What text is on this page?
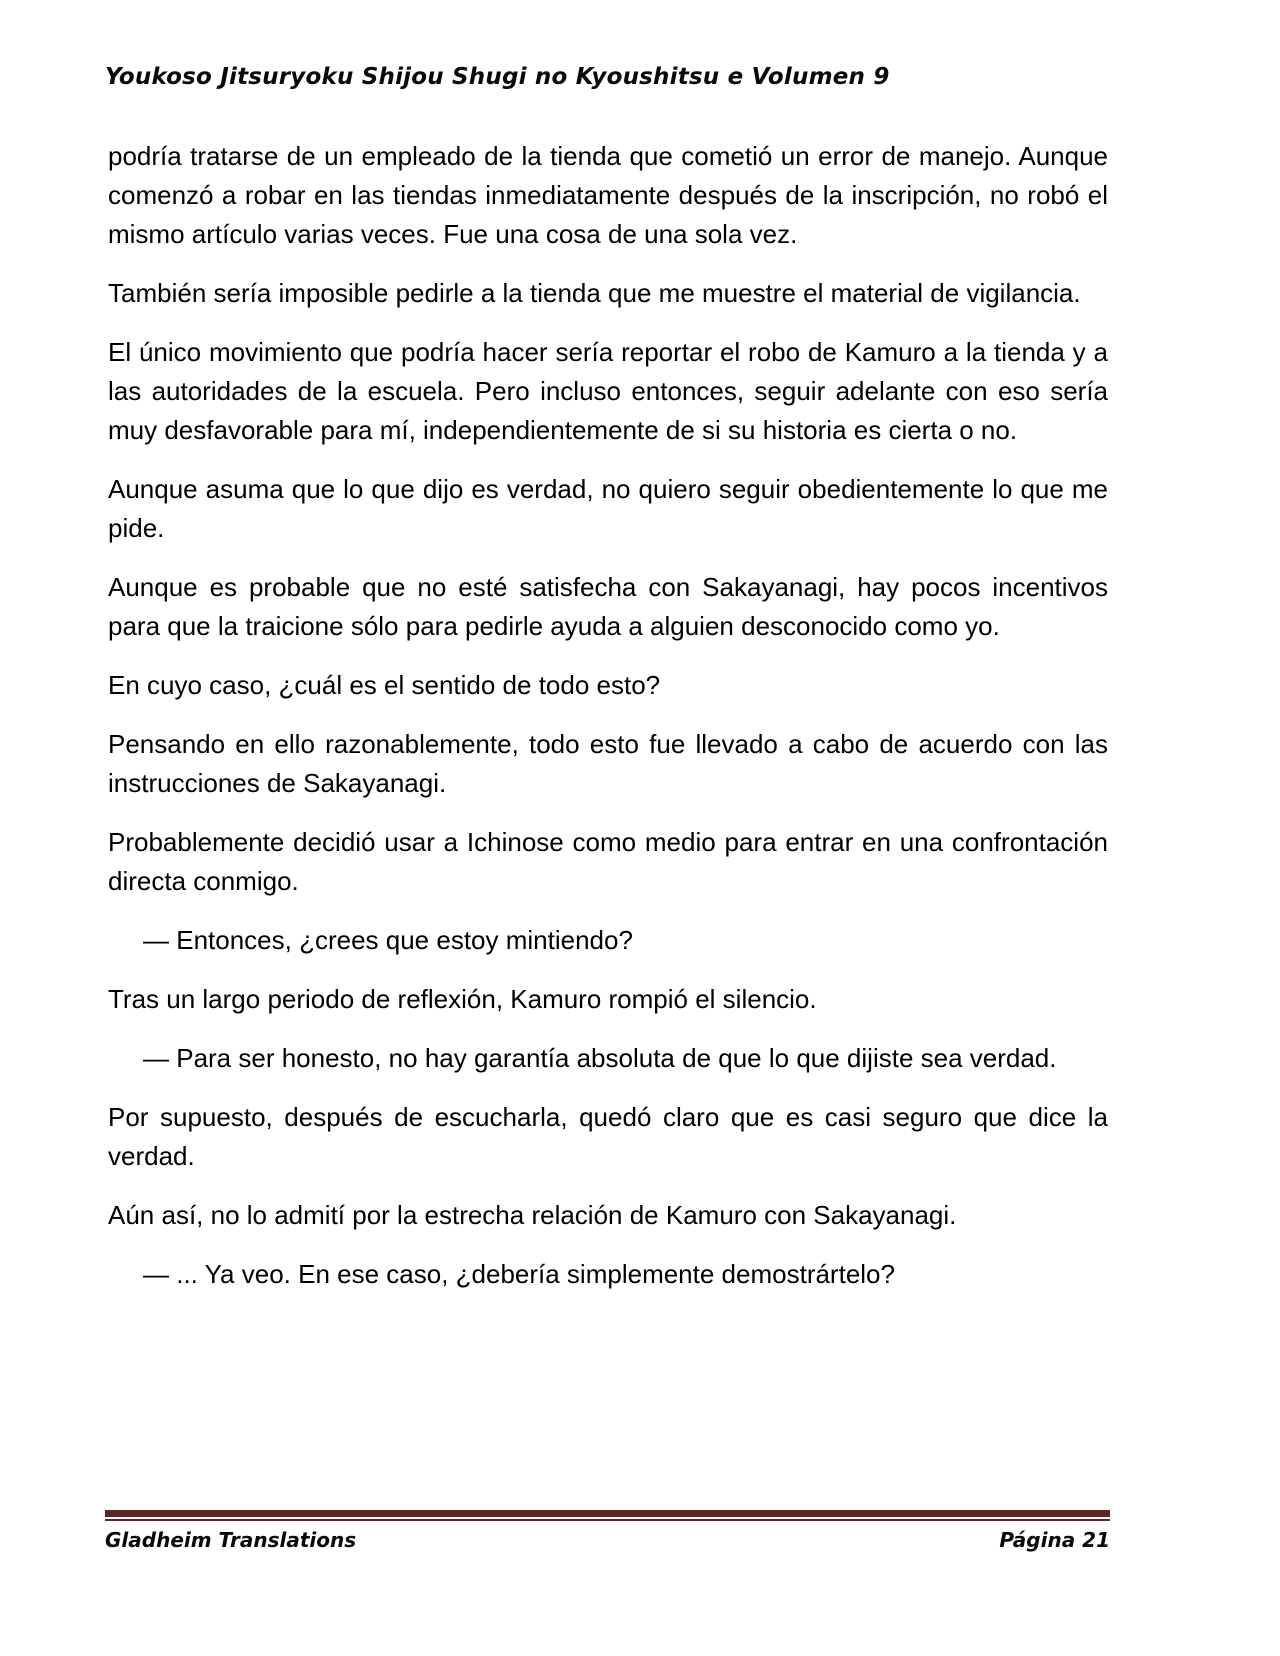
Youkoso Jitsuryoku Shijou Shugi no Kyoushitsu e Volumen 9

podría tratarse de un empleado de la tienda que cometió un error de manejo. Aunque comenzó a robar en las tiendas inmediatamente después de la inscripción, no robó el mismo artículo varias veces. Fue una cosa de una sola vez.

También sería imposible pedirle a la tienda que me muestre el material de vigilancia.

El único movimiento que podría hacer sería reportar el robo de Kamuro a la tienda y a las autoridades de la escuela. Pero incluso entonces, seguir adelante con eso sería muy desfavorable para mí, independientemente de si su historia es cierta o no.

Aunque asuma que lo que dijo es verdad, no quiero seguir obedientemente lo que me pide.

Aunque es probable que no esté satisfecha con Sakayanagi, hay pocos incentivos para que la traicione sólo para pedirle ayuda a alguien desconocido como yo.

En cuyo caso, ¿cuál es el sentido de todo esto?

Pensando en ello razonablemente, todo esto fue llevado a cabo de acuerdo con las instrucciones de Sakayanagi.

Probablemente decidió usar a Ichinose como medio para entrar en una confrontación directa conmigo.

— Entonces, ¿crees que estoy mintiendo?

Tras un largo periodo de reflexión, Kamuro rompió el silencio.

— Para ser honesto, no hay garantía absoluta de que lo que dijiste sea verdad.

Por supuesto, después de escucharla, quedó claro que es casi seguro que dice la verdad.

Aún así, no lo admití por la estrecha relación de Kamuro con Sakayanagi.

— ... Ya veo. En ese caso, ¿debería simplemente demostrártelo?

Gladheim Translations	Página 21
